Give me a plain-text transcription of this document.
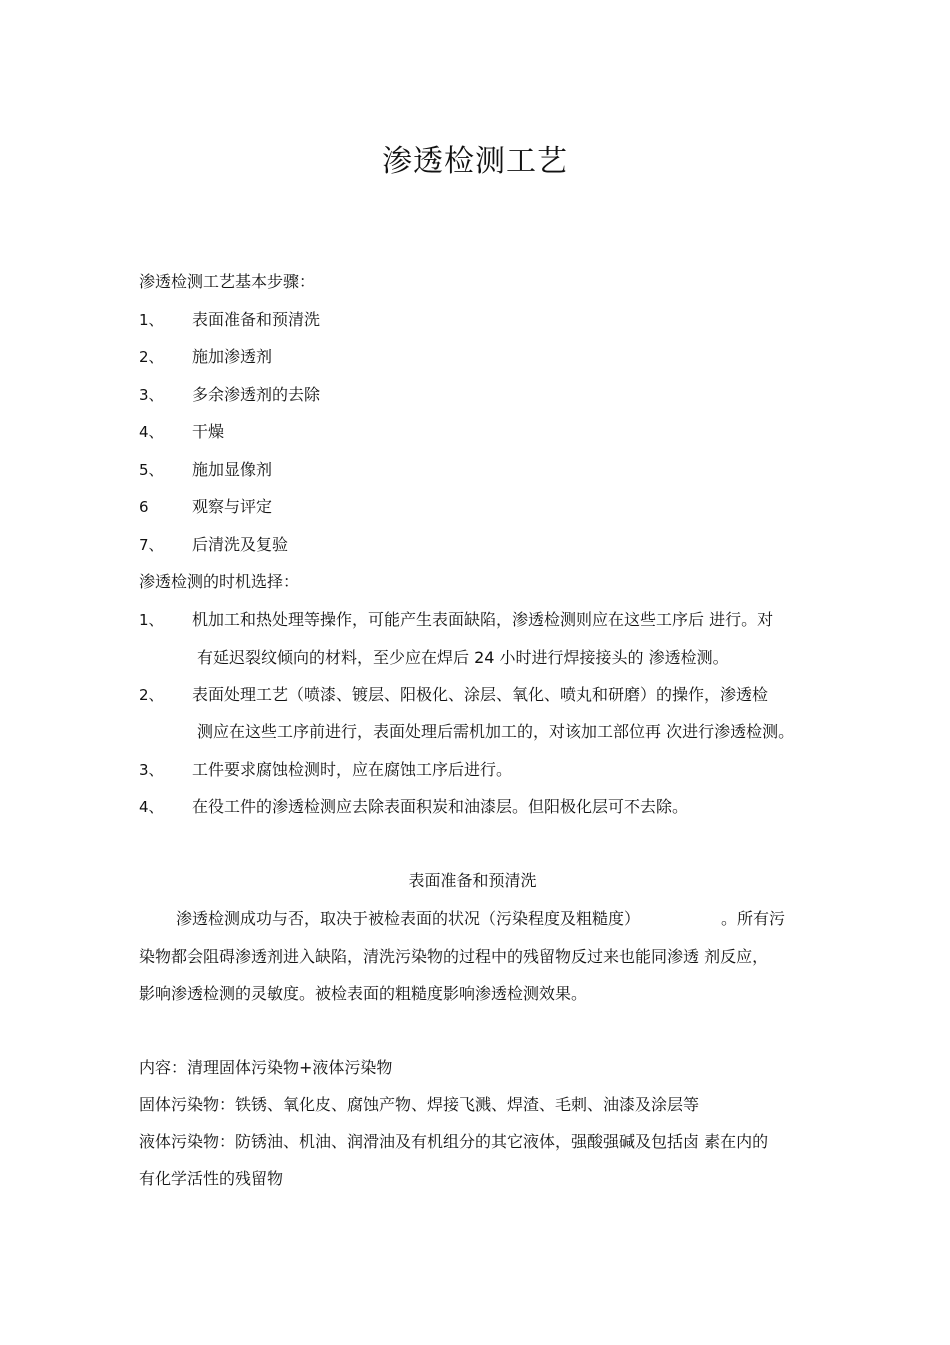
渗透检测工艺
渗透检测工艺基本步骤：
1、 表面准备和预清洗
2、 施加渗透剂
3、 多余渗透剂的去除
4、 干燥
5、 施加显像剂
6	观察与评定
7、 后清洗及复验
渗透检测的时机选择：
1、 机加工和热处理等操作，可能产生表面缺陷，渗透检测则应在这些工序后 进行。对
有延迟裂纹倾向的材料，至少应在焊后 24 小时进行焊接接头的 渗透检测。
2、 表面处理工艺（喷漆、镀层、阳极化、涂层、氧化、喷丸和研磨）的操作，渗透检
测应在这些工序前进行，表面处理后需机加工的，对该加工部位再 次进行渗透检测。
3、 工件要求腐蚀检测时，应在腐蚀工序后进行。
4、 在役工件的渗透检测应去除表面积炭和油漆层。但阳极化层可不去除。
表面准备和预清洗
渗透检测成功与否，取决于被检表面的状况（污染程度及粗糙度）	。所有污
染物都会阻碍渗透剂进入缺陷，清洗污染物的过程中的残留物反过来也能同渗透 剂反应，
影响渗透检测的灵敏度。被检表面的粗糙度影响渗透检测效果。
内容：清理固体污染物+液体污染物
固体污染物：铁锈、氧化皮、腐蚀产物、焊接飞溅、焊渣、毛刺、油漆及涂层等
液体污染物：防锈油、机油、润滑油及有机组分的其它液体，强酸强碱及包括卤 素在内的
有化学活性的残留物
